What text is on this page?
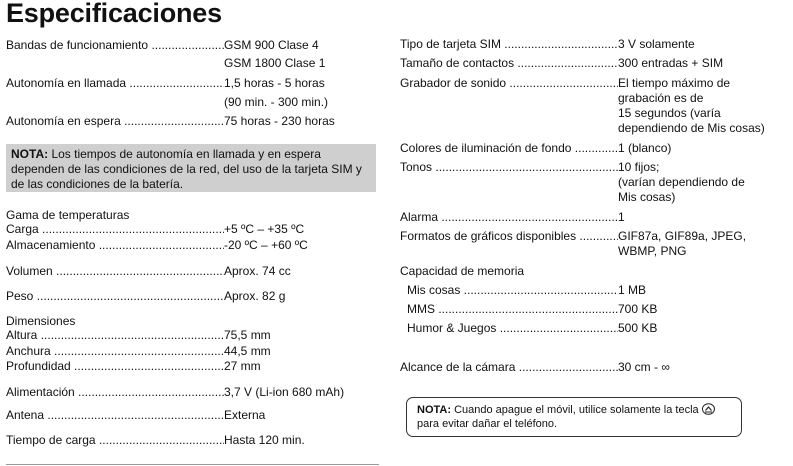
Especificaciones
Bandas de funcionamiento .....	GSM 900 Clase 4
GSM 1800 Clase 1
Autonomía en llamada .....	1,5 horas - 5 horas
(90 min. - 300 min.)
Autonomía en espera .....	75 horas - 230 horas
NOTA: Los tiempos de autonomía en llamada y en espera dependen de las condiciones de la red, del uso de la tarjeta SIM y de las condiciones de la batería.
Gama de temperaturas
Carga .....	+5 ºC – +35 ºC
Almacenamiento .....	-20 ºC – +60 ºC
Volumen .....	Aprox. 74 cc
Peso .....	Aprox. 82 g
Dimensiones
Altura .....	75,5 mm
Anchura .....	44,5 mm
Profundidad .....	27 mm
Alimentación .....	3,7 V (Li-ion 680 mAh)
Antena .....	Externa
Tiempo de carga .....	Hasta 120 min.
Tipo de tarjeta SIM .....	3 V solamente
Tamaño de contactos .....	300 entradas + SIM
Grabador de sonido .....	El tiempo máximo de
grabación es de
15 segundos (varía
dependiendo de Mis cosas)
Colores de iluminación de fondo .....	1 (blanco)
Tonos .....	10 fijos;
(varían dependiendo de
Mis cosas)
Alarma .....	1
Formatos de gráficos disponibles .....	GIF87a, GIF89a, JPEG,
WBMP, PNG
Capacidad de memoria
Mis cosas .....	1 MB
MMS .....	700 KB
Humor & Juegos .....	500 KB
Alcance de la cámara .....	30 cm - ∞
NOTA: Cuando apague el móvil, utilice solamente la tecla  para evitar dañar el teléfono.
